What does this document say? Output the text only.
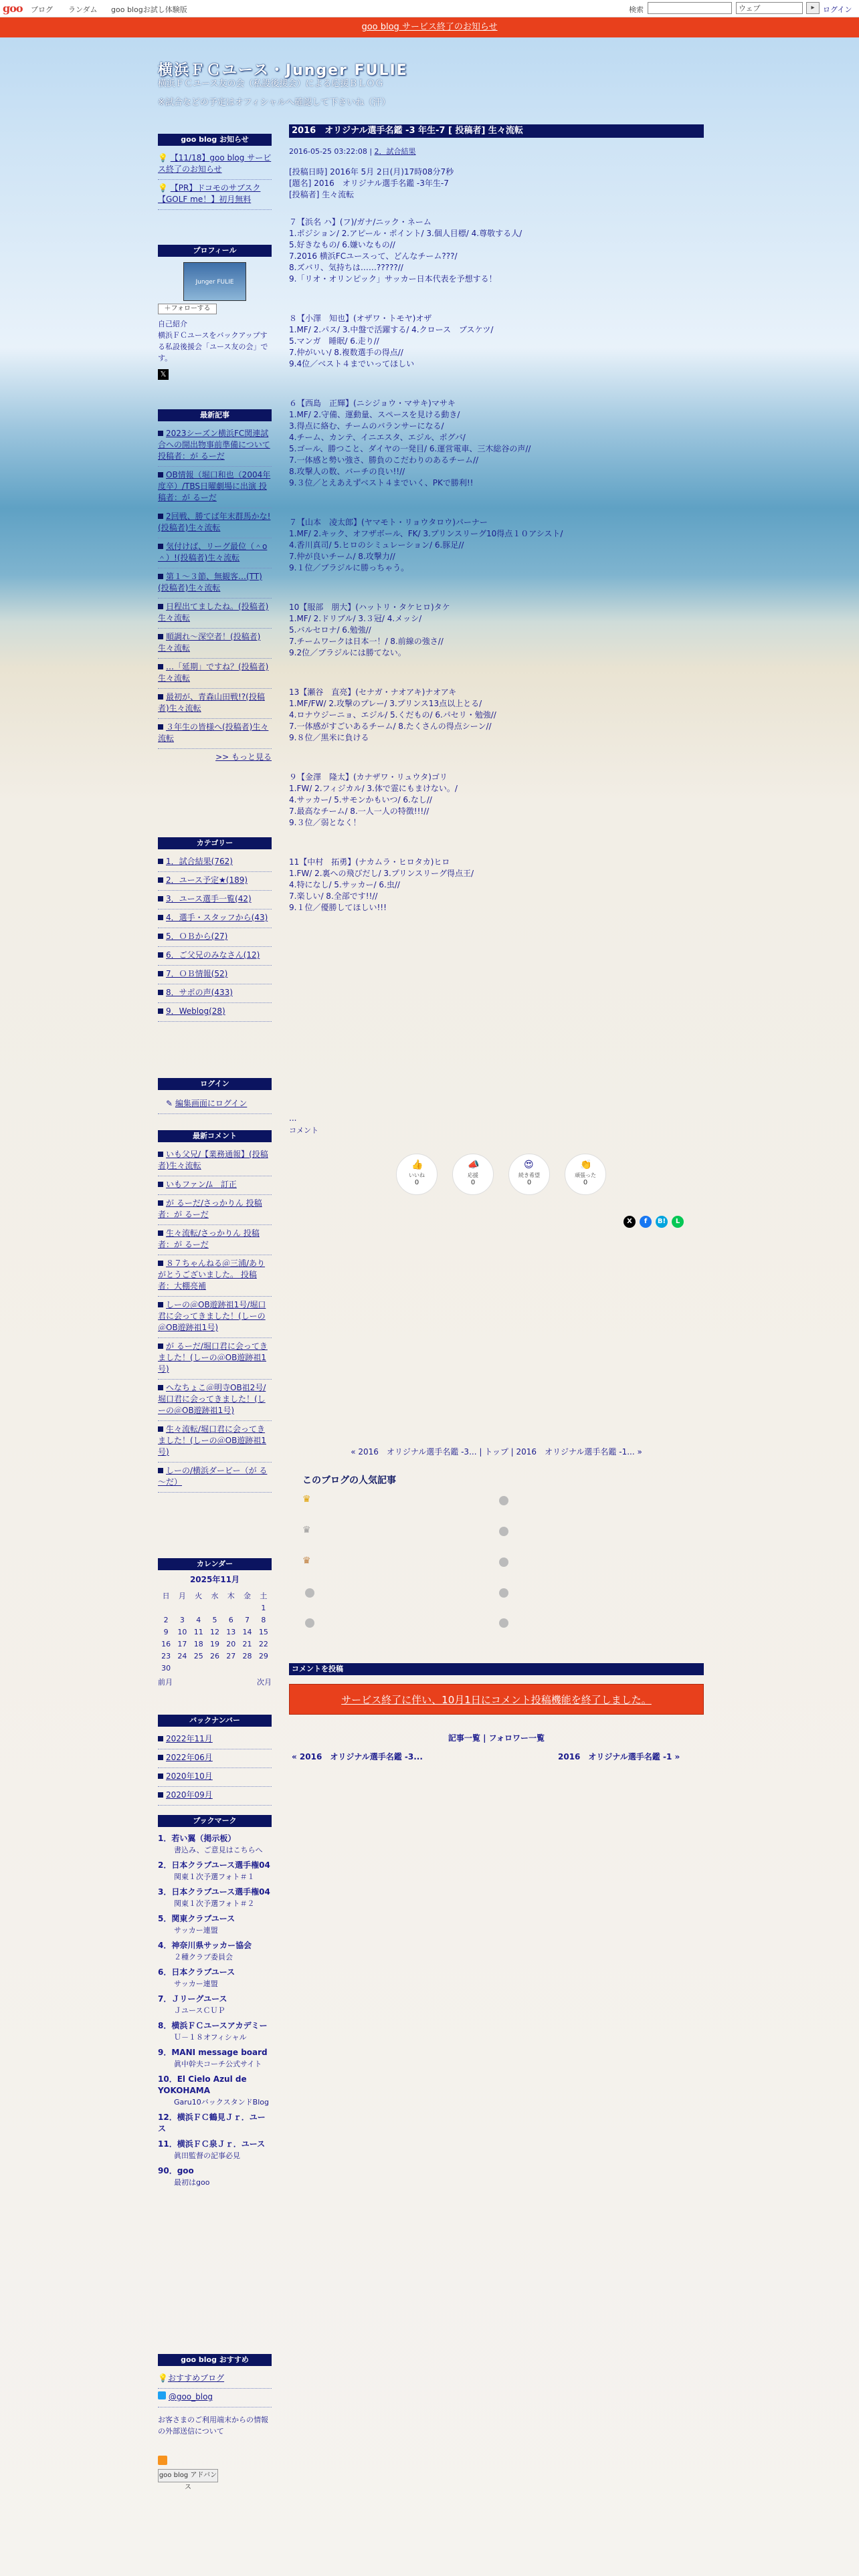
goo ブログ ランダム goo blogお試し体験版	検索	ウェブ	▸	ログイン
goo blog サービス終了のお知らせ
横浜ＦＣユース・Junger FULIE
横浜ＦＣユース友の会（私設後援会）による応援ＢＬＯＧ
※試合などの予定はオフィシャルへ確認して下さいね（汗）
goo blog お知らせ
💡 【11/18】goo blog サービス終了のお知らせ
💡 【PR】ドコモのサブスク【GOLF me！】初月無料
プロフィール
Junger FULIE
＋フォローする
自己紹介
横浜ＦＣユースをバックアップする私設後援会「ユース友の会」です。
𝕏
最新記事
2023シーズン横浜FC関連試合への開出物事前準備について 投稿者：が るーだ
OB情報（堀口和也（2004年度卒）/TBS日曜劇場に出演 投稿者：が るーだ
2回戦、勝てば年末群馬かな!(投稿者)生々流転
気付けば、リーグ最位（＾o＾）!(投稿者)生々流転
第１～３節、無観客…(TT)(投稿者)生々流転
日程出てましたね。(投稿者)生々流転
順調れ～深空者！(投稿者)生々流転
…「延期」ですね？(投稿者)生々流転
最初が、青森山田戦!?(投稿者)生々流転
３年生の皆様へ(投稿者)生々流転
>> もっと見る
カテゴリー
1．試合結果(762)
2．ユース予定★(189)
3．ユース選手一覧(42)
4．選手・スタッフから(43)
5．ＯＢから(27)
6．ご父兄のみなさん(12)
7．ＯＢ情報(52)
8．サポの声(433)
9．Weblog(28)
ログイン
✎ 編集画面にログイン
最新コメント
いも父兄/【業務通報】(投稿者)生々流転
いもファン/ﾑ　訂正
が るーだ/さっかりん 投稿者：が るーだ
生々流転/さっかりん 投稿者：が るーだ
８７ちゃんねる＠三浦/ありがとうございました。 投稿者：大棚亮補
しーの＠OB遊跡祖1号/堀口君に会ってきました！(しーの＠OB遊跡祖1号)
が るーだ/堀口君に会ってきました！(しーの＠OB遊跡祖1号)
へなちょこ＠明寺OB祖2号/堀口君に会ってきました！(しーの＠OB遊跡祖1号)
生々流転/堀口君に会ってきました！(しーの＠OB遊跡祖1号)
しーの/横浜ダービー（が る～だ）
カレンダー
2025年11月
日	月	火	水	木	金	土
						1
2	3	4	5	6	7	8
9	10	11	12	13	14	15
16	17	18	19	20	21	22
23	24	25	26	27	28	29
30						
前月	次月
バックナンバー
2022年11月
2022年06月
2020年10月
2020年09月
ブックマーク
1．若い翼（掲示板）
書込み、ご意見はこちらへ
2．日本クラブユース選手権04
関東１次予選フォト＃１
3．日本クラブユース選手権04
関東１次予選フォト＃２
5．関東クラブユース
サッカー連盟
4．神奈川県サッカー協会
２種クラブ委員会
6．日本クラブユース
サッカー連盟
7．Ｊリーグユース
ＪユースＣＵＰ
8．横浜ＦＣユースアカデミー
Ｕ－１８オフィシャル
9．MANI message board
眞中幹夫コーチ公式サイト
10．El Cielo Azul de YOKOHAMA
Garu10バックスタンドBlog
12．横浜ＦＣ鶴見Ｊｒ．ユース
11．横浜ＦＣ泉Ｊｒ．ユース
眞田監督の記事必見
90．goo
最初はgoo
goo blog おすすめ
💡おすすめブログ
@goo_blog
お客さまのご利用端末からの情報の外部送信について
goo blog アドバンス
2016　オリジナル選手名鑑 -3 年生-7 [ 投稿者] 生々流転
2016-05-25 03:22:08 | 2．試合結果
[投稿日時] 2016年 5月 2日(月)17時08分7秒
[題名] 2016　オリジナル選手名鑑 -3年生-7
[投稿者] 生々流転
７【浜名 ハ】(フ)/ガナ/ニック・ネーム
1.ポジション/ 2.アピール・ポイント/ 3.個人目標/ 4.尊敬する人/
5.好きなもの/ 6.嫌いなもの//
7.2016 横浜FCユースって、どんなチーム???/
8.ズバリ、気持ちは……?????//
9.「リオ・オリンピック」サッカー日本代表を予想する！
８【小澤　知也】(オザワ・トモヤ)オザ
1.MF/ 2.パス/ 3.中盤で活躍する/ 4.クロース　ブスケツ/
5.マンガ　睡眠/ 6.走り//
7.仲がいい/ 8.複数選手の得点//
9.4位／ベスト４までいってほしい
６【西島　正輝】(ニシジョウ・マサキ)マサキ
1.MF/ 2.守備、運動量、スペースを見ける動き/
3.得点に絡む、チームのバランサーになる/
4.チーム、カンテ、イニエスタ、エジル、ポグバ/
5.ゴール、勝つこと、ダイヤの一発目/ 6.運営電車、三木総谷の声//
7.一体感と勢い強さ、勝負のこだわりのあるチーム//
8.攻撃人の数、バーチの良い!!//
9.３位／とえあえずベスト４までいく、PKで勝利!!
７【山本　凌太郎】(ヤマモト・リョウタロウ)パーナー
1.MF/ 2.キック、オフザボール、FK/ 3.プリンスリーグ10得点１０アシスト/
4.香川真司/ 5.ヒロのシミュレーション/ 6.豚足//
7.仲が良いチーム/ 8.攻撃力//
9.１位／ブラジルに勝っちゃう。
10【服部　朋大】(ハットリ・タケヒロ)タケ
1.MF/ 2.ドリブル/ 3.３冠/ 4.メッシ/
5.バルセロナ/ 6.勉強//
7.チームワークは日本一！/ 8.前線の強さ//
9.2位／ブラジルには勝てない。
13【瀬谷　直亮】(セナガ・ナオアキ)ナオアキ
1.MF/FW/ 2.攻撃のプレー/ 3.プリンス13点以上とる/
4.ロナウジーニョ、エジル/ 5.くだもの/ 6.パセリ・勉強//
7.一体感がすごいあるチーム/ 8.たくさんの得点シーン//
9.８位／黒米に負ける
９【金澤　隆太】(カナザワ・リュウタ)ゴリ
1.FW/ 2.フィジカル/ 3.体で霊にもまけない。/
4.サッカー/ 5.サモンかもいつ/ 6.なし//
7.最高なチーム/ 8.一人一人の特徴!!!//
9.３位／弱となく！
11【中村　拓勇】(ナカムラ・ヒロタカ)ヒロ
1.FW/ 2.裏への飛びだし/ 3.プリンスリーグ得点王/
4.特になし/ 5.サッカー/ 6.虫//
7.楽しい/ 8.全部です!!//
9.１位／優勝してほしい!!!
...
コメント
👍
いいね
0
📣
応援
0
😍
続き希望
0
👏
頑張った
0
X	f	B!	L
« 2016　オリジナル選手名鑑 -3... | トップ | 2016　オリジナル選手名鑑 -1... »
このブログの人気記事
♛
♛
♛
コメントを投稿
サービス終了に伴い、10月1日にコメント投稿機能を終了しました。
記事一覧 | フォロワー一覧
« 2016　オリジナル選手名鑑 -3...	2016　オリジナル選手名鑑 -1 »
